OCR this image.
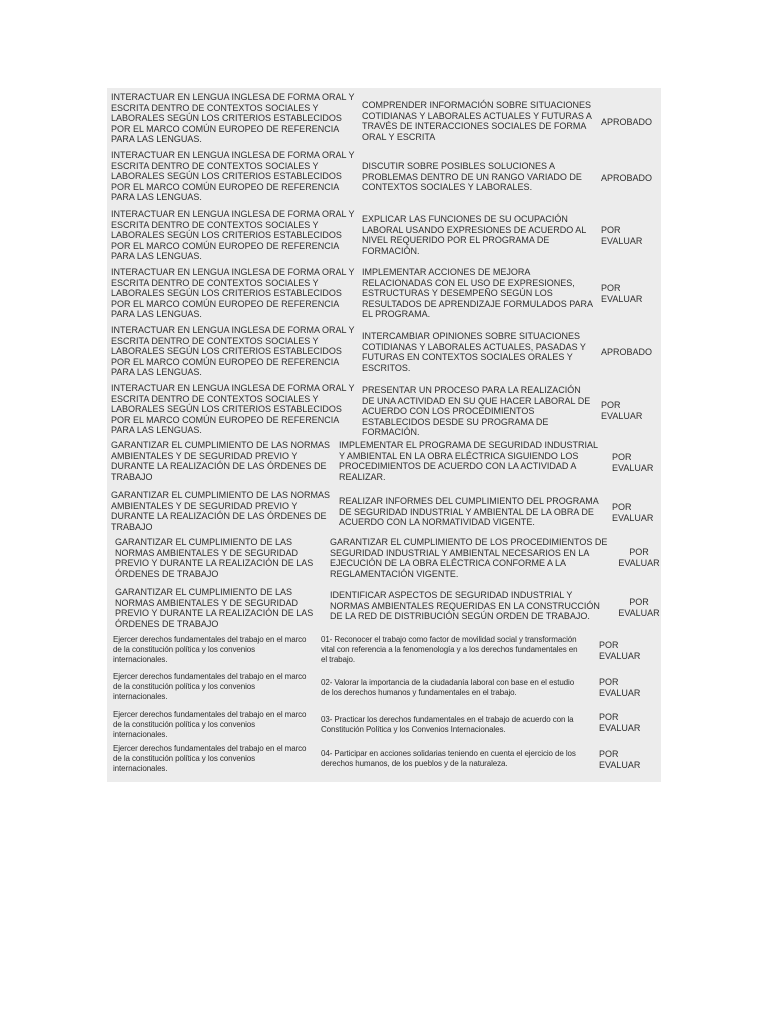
INTERACTUAR EN LENGUA INGLESA DE FORMA ORAL Y ESCRITA DENTRO DE CONTEXTOS SOCIALES Y LABORALES SEGÚN LOS CRITERIOS ESTABLECIDOS POR EL MARCO COMÚN EUROPEO DE REFERENCIA PARA LAS LENGUAS.
COMPRENDER INFORMACIÓN SOBRE SITUACIONES COTIDIANAS Y LABORALES ACTUALES Y FUTURAS A TRAVÉS DE INTERACCIONES SOCIALES DE FORMA ORAL Y ESCRITA
APROBADO
INTERACTUAR EN LENGUA INGLESA DE FORMA ORAL Y ESCRITA DENTRO DE CONTEXTOS SOCIALES Y LABORALES SEGÚN LOS CRITERIOS ESTABLECIDOS POR EL MARCO COMÚN EUROPEO DE REFERENCIA PARA LAS LENGUAS.
DISCUTIR SOBRE POSIBLES SOLUCIONES A PROBLEMAS DENTRO DE UN RANGO VARIADO DE CONTEXTOS SOCIALES Y LABORALES.
APROBADO
INTERACTUAR EN LENGUA INGLESA DE FORMA ORAL Y ESCRITA DENTRO DE CONTEXTOS SOCIALES Y LABORALES SEGÚN LOS CRITERIOS ESTABLECIDOS POR EL MARCO COMÚN EUROPEO DE REFERENCIA PARA LAS LENGUAS.
EXPLICAR LAS FUNCIONES DE SU OCUPACIÓN LABORAL USANDO EXPRESIONES DE ACUERDO AL NIVEL REQUERIDO POR EL PROGRAMA DE FORMACIÓN.
POR EVALUAR
INTERACTUAR EN LENGUA INGLESA DE FORMA ORAL Y ESCRITA DENTRO DE CONTEXTOS SOCIALES Y LABORALES SEGÚN LOS CRITERIOS ESTABLECIDOS POR EL MARCO COMÚN EUROPEO DE REFERENCIA PARA LAS LENGUAS.
IMPLEMENTAR ACCIONES DE MEJORA RELACIONADAS CON EL USO DE EXPRESIONES, ESTRUCTURAS Y DESEMPEÑO SEGÚN LOS RESULTADOS DE APRENDIZAJE FORMULADOS PARA EL PROGRAMA.
POR EVALUAR
INTERACTUAR EN LENGUA INGLESA DE FORMA ORAL Y ESCRITA DENTRO DE CONTEXTOS SOCIALES Y LABORALES SEGÚN LOS CRITERIOS ESTABLECIDOS POR EL MARCO COMÚN EUROPEO DE REFERENCIA PARA LAS LENGUAS.
INTERCAMBIAR OPINIONES SOBRE SITUACIONES COTIDIANAS Y LABORALES ACTUALES, PASADAS Y FUTURAS EN CONTEXTOS SOCIALES ORALES Y ESCRITOS.
APROBADO
INTERACTUAR EN LENGUA INGLESA DE FORMA ORAL Y ESCRITA DENTRO DE CONTEXTOS SOCIALES Y LABORALES SEGÚN LOS CRITERIOS ESTABLECIDOS POR EL MARCO COMÚN EUROPEO DE REFERENCIA PARA LAS LENGUAS.
PRESENTAR UN PROCESO PARA LA REALIZACIÓN DE UNA ACTIVIDAD EN SU QUE HACER LABORAL DE ACUERDO CON LOS PROCEDIMIENTOS ESTABLECIDOS DESDE SU PROGRAMA DE FORMACIÓN.
POR EVALUAR
GARANTIZAR EL CUMPLIMIENTO DE LAS NORMAS AMBIENTALES Y DE SEGURIDAD PREVIO Y DURANTE LA REALIZACIÓN DE LAS ÓRDENES DE TRABAJO
IMPLEMENTAR EL PROGRAMA DE SEGURIDAD INDUSTRIAL Y AMBIENTAL EN LA OBRA ELÉCTRICA SIGUIENDO LOS PROCEDIMIENTOS DE ACUERDO CON LA ACTIVIDAD A REALIZAR.
POR EVALUAR
GARANTIZAR EL CUMPLIMIENTO DE LAS NORMAS AMBIENTALES Y DE SEGURIDAD PREVIO Y DURANTE LA REALIZACIÓN DE LAS ÓRDENES DE TRABAJO
REALIZAR INFORMES DEL CUMPLIMIENTO DEL PROGRAMA DE SEGURIDAD INDUSTRIAL Y AMBIENTAL DE LA OBRA DE ACUERDO CON LA NORMATIVIDAD VIGENTE.
POR EVALUAR
GARANTIZAR EL CUMPLIMIENTO DE LAS NORMAS AMBIENTALES Y DE SEGURIDAD PREVIO Y DURANTE LA REALIZACIÓN DE LAS ÓRDENES DE TRABAJO
GARANTIZAR EL CUMPLIMIENTO DE LOS PROCEDIMIENTOS DE SEGURIDAD INDUSTRIAL Y AMBIENTAL NECESARIOS EN LA EJECUCIÓN DE LA OBRA ELÉCTRICA CONFORME A LA REGLAMENTACIÓN VIGENTE.
POR EVALUAR
GARANTIZAR EL CUMPLIMIENTO DE LAS NORMAS AMBIENTALES Y DE SEGURIDAD PREVIO Y DURANTE LA REALIZACIÓN DE LAS ÓRDENES DE TRABAJO
IDENTIFICAR ASPECTOS DE SEGURIDAD INDUSTRIAL Y NORMAS AMBIENTALES REQUERIDAS EN LA CONSTRUCCIÓN DE LA RED DE DISTRIBUCIÓN SEGÚN ORDEN DE TRABAJO.
POR EVALUAR
Ejercer derechos fundamentales del trabajo en el marco de la constitución política y los convenios internacionales.
01- Reconocer el trabajo como factor de movilidad social y transformación vital con referencia a la fenomenología y a los derechos fundamentales en el trabajo.
POR EVALUAR
Ejercer derechos fundamentales del trabajo en el marco de la constitución política y los convenios internacionales.
02- Valorar la importancia de la ciudadanía laboral con base en el estudio de los derechos humanos y fundamentales en el trabajo.
POR EVALUAR
Ejercer derechos fundamentales del trabajo en el marco de la constitución política y los convenios internacionales.
03- Practicar los derechos fundamentales en el trabajo de acuerdo con la Constitución Política y los Convenios Internacionales.
POR EVALUAR
Ejercer derechos fundamentales del trabajo en el marco de la constitución política y los convenios internacionales.
04- Participar en acciones solidarias teniendo en cuenta el ejercicio de los derechos humanos, de los pueblos y de la naturaleza.
POR EVALUAR
